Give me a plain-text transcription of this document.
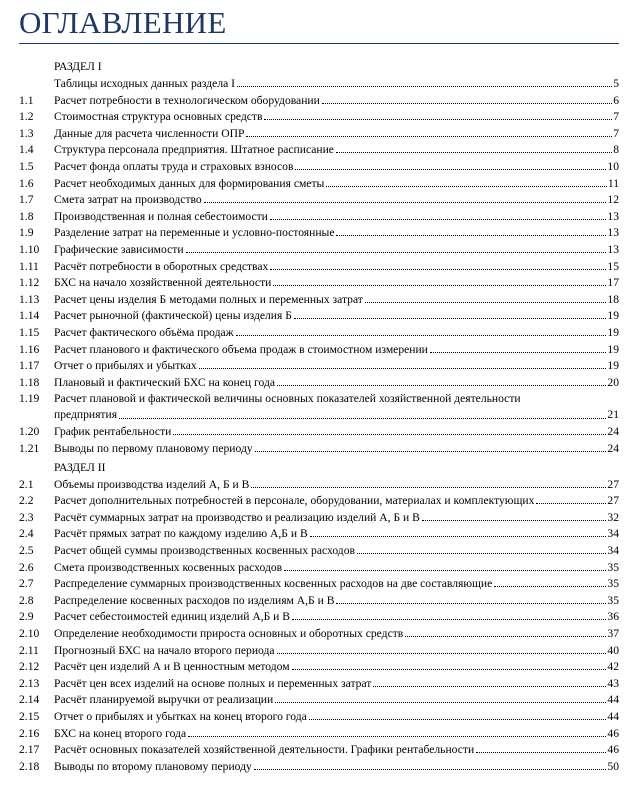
ОГЛАВЛЕНИЕ
РАЗДЕЛ I
РАЗДЕЛ II
Таблицы исходных данных раздела I	5
1.1 Расчет потребности в технологическом оборудовании	6
1.2 Стоимостная структура основных средств	7
1.3 Данные для расчета численности ОПР	7
1.4 Структура персонала предприятия. Штатное расписание	8
1.5 Расчет фонда оплаты труда и страховых взносов	10
1.6 Расчет необходимых данных для формирования сметы	11
1.7 Смета затрат на производство	12
1.8 Производственная и полная себестоимости	13
1.9 Разделение затрат на переменные и условно-постоянные	13
1.10 Графические зависимости	13
1.11 Расчёт потребности в оборотных средствах	15
1.12 БХС на начало хозяйственной деятельности	17
1.13 Расчет цены изделия Б методами полных и переменных затрат	18
1.14 Расчет рыночной (фактической) цены изделия Б	19
1.15 Расчет фактического объёма продаж	19
1.16 Расчет планового и фактического объема продаж в стоимостном измерении	19
1.17 Отчет о прибылях и убытках	19
1.18 Плановый и фактический БХС на конец года	20
1.19 Расчет плановой и фактической величины основных показателей хозяйственной деятельности
предприятия	21
1.20 График рентабельности	24
1.21 Выводы по первому плановому периоду	24
2.1 Объемы производства изделий А, Б и В	27
2.2 Расчет дополнительных потребностей в персонале, оборудовании, материалах и комплектующих	27
2.3 Расчёт суммарных затрат на производство и реализацию изделий А, Б и В	32
2.4 Расчёт прямых затрат по каждому изделию А,Б и В	34
2.5 Расчет общей суммы производственных косвенных расходов	34
2.6 Смета производственных косвенных расходов	35
2.7 Распределение суммарных производственных косвенных расходов на две составляющие	35
2.8 Распределение косвенных расходов по изделиям А,Б и В	35
2.9 Расчет себестоимостей единиц изделий А,Б и В	36
2.10 Определение необходимости прироста основных и оборотных средств	37
2.11 Прогнозный БХС на начало второго периода	40
2.12 Расчёт цен изделий А и В ценностным методом	42
2.13 Расчёт цен всех изделий на основе полных и переменных затрат	43
2.14 Расчёт планируемой выручки от реализации	44
2.15 Отчет о прибылях и убытках на конец второго года	44
2.16 БХС на конец второго года	46
2.17 Расчёт основных показателей хозяйственной деятельности. Графики рентабельности	46
2.18 Выводы по второму плановому периоду	50
